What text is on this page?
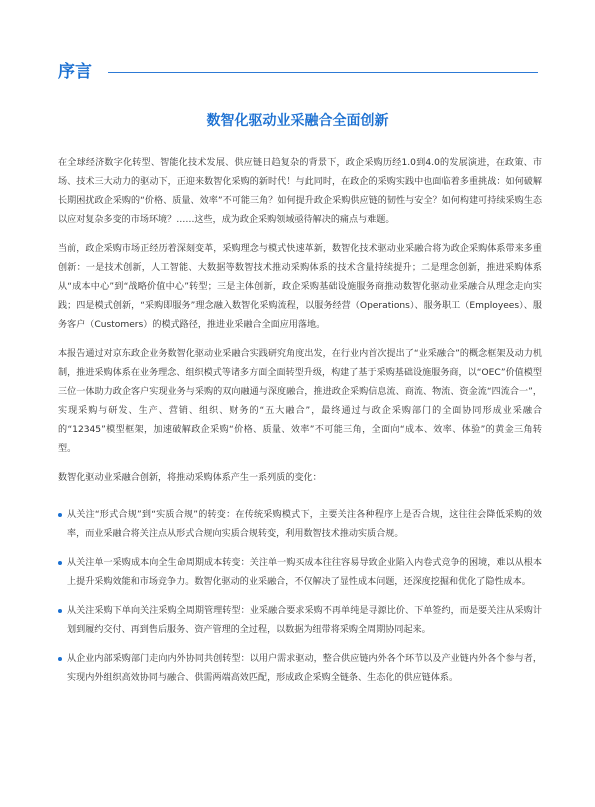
序言
数智化驱动业采融合全面创新

在全球经济数字化转型、智能化技术发展、供应链日趋复杂的背景下，政企采购历经1.0到4.0的发展演进，在政策、市场、技术三大动力的驱动下，正迎来数智化采购的新时代！与此同时，在政企的采购实践中也面临着多重挑战：如何破解长期困扰政企采购的“价格、质量、效率”不可能三角？如何提升政企采购供应链的韧性与安全？如何构建可持续采购生态以应对复杂多变的市场环境？……这些，成为政企采购领域亟待解决的痛点与难题。

当前，政企采购市场正经历着深刻变革，采购理念与模式快速革新，数智化技术驱动业采融合将为政企采购体系带来多重创新：一是技术创新，人工智能、大数据等数智技术推动采购体系的技术含量持续提升；二是理念创新，推进采购体系从“成本中心”到“战略价值中心”转型；三是主体创新，政企采购基础设施服务商推动数智化驱动业采融合从理念走向实践；四是模式创新，“采购即服务”理念融入数智化采购流程，以服务经营（Operations）、服务职工（Employees）、服务客户（Customers）的模式路径，推进业采融合全面应用落地。

本报告通过对京东政企业务数智化驱动业采融合实践研究角度出发，在行业内首次提出了“业采融合”的概念框架及动力机制，推进采购体系在业务理念、组织模式等诸多方面全面转型升级，构建了基于采购基础设施服务商，以“OEC”价值模型三位一体助力政企客户实现业务与采购的双向融通与深度融合，推进政企采购信息流、商流、物流、资金流“四流合一”，实现采购与研发、生产、营销、组织、财务的“五大融合”，最终通过与政企采购部门的全面协同形成业采融合的“12345”模型框架，加速破解政企采购“价格、质量、效率”不可能三角，全面向“成本、效率、体验”的黄金三角转型。

数智化驱动业采融合创新，将推动采购体系产生一系列质的变化：

从关注“形式合规”到“实质合规”的转变：在传统采购模式下，主要关注各种程序上是否合规，这往往会降低采购的效率，而业采融合将关注点从形式合规向实质合规转变，利用数智技术推动实质合规。
从关注单一采购成本向全生命周期成本转变：关注单一购买成本往往容易导致企业陷入内卷式竞争的困境，难以从根本上提升采购效能和市场竞争力。数智化驱动的业采融合，不仅解决了显性成本问题，还深度挖掘和优化了隐性成本。
从关注采购下单向关注采购全周期管理转型：业采融合要求采购不再单纯是寻源比价、下单签约，而是要关注从采购计划到履约交付、再到售后服务、资产管理的全过程，以数据为纽带将采购全周期协同起来。
从企业内部采购部门走向内外协同共创转型：以用户需求驱动，整合供应链内外各个环节以及产业链内外各个参与者，实现内外组织高效协同与融合、供需两端高效匹配，形成政企采购全链条、生态化的供应链体系。
